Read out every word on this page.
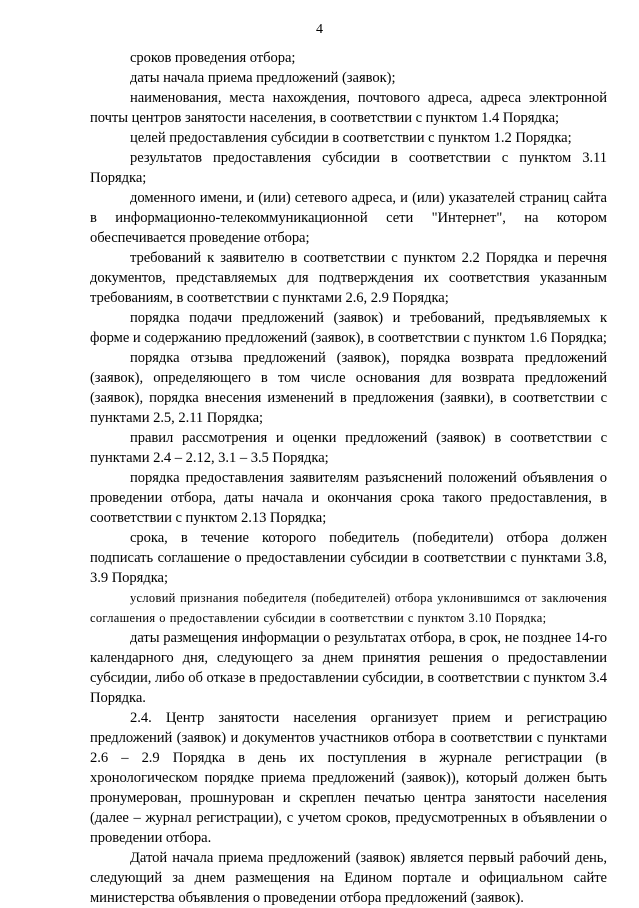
4

сроков проведения отбора;

даты начала приема предложений (заявок);

наименования, места нахождения, почтового адреса, адреса электронной почты центров занятости населения, в соответствии с пунктом 1.4 Порядка;

целей предоставления субсидии в соответствии с пунктом 1.2 Порядка;

результатов предоставления субсидии в соответствии с пунктом 3.11 Порядка;

доменного имени, и (или) сетевого адреса, и (или) указателей страниц сайта в информационно-телекоммуникационной сети "Интернет", на котором обеспечивается проведение отбора;

требований к заявителю в соответствии с пунктом 2.2 Порядка и перечня документов, представляемых для подтверждения их соответствия указанным требованиям, в соответствии с пунктами 2.6, 2.9 Порядка;

порядка подачи предложений (заявок) и требований, предъявляемых к форме и содержанию предложений (заявок), в соответствии с пунктом 1.6 Порядка;

порядка отзыва предложений (заявок), порядка возврата предложений (заявок), определяющего в том числе основания для возврата предложений (заявок), порядка внесения изменений в предложения (заявки), в соответствии с пунктами 2.5, 2.11 Порядка;

правил рассмотрения и оценки предложений (заявок) в соответствии с пунктами 2.4 – 2.12, 3.1 – 3.5 Порядка;

порядка предоставления заявителям разъяснений положений объявления о проведении отбора, даты начала и окончания срока такого предоставления, в соответствии с пунктом 2.13 Порядка;

срока, в течение которого победитель (победители) отбора должен подписать соглашение о предоставлении субсидии в соответствии с пунктами 3.8, 3.9 Порядка;

условий признания победителя (победителей) отбора уклонившимся от заключения соглашения о предоставлении субсидии в соответствии с пунктом 3.10 Порядка;

даты размещения информации о результатах отбора, в срок, не позднее 14-го календарного дня, следующего за днем принятия решения о предоставлении субсидии, либо об отказе в предоставлении субсидии, в соответствии с пунктом 3.4 Порядка.

2.4. Центр занятости населения организует прием и регистрацию предложений (заявок) и документов участников отбора в соответствии с пунктами 2.6 – 2.9 Порядка в день их поступления в журнале регистрации (в хронологическом порядке приема предложений (заявок)), который должен быть пронумерован, прошнурован и скреплен печатью центра занятости населения (далее – журнал регистрации), с учетом сроков, предусмотренных в объявлении о проведении отбора.

Датой начала приема предложений (заявок) является первый рабочий день, следующий за днем размещения на Едином портале и официальном сайте министерства объявления о проведении отбора предложений (заявок).
